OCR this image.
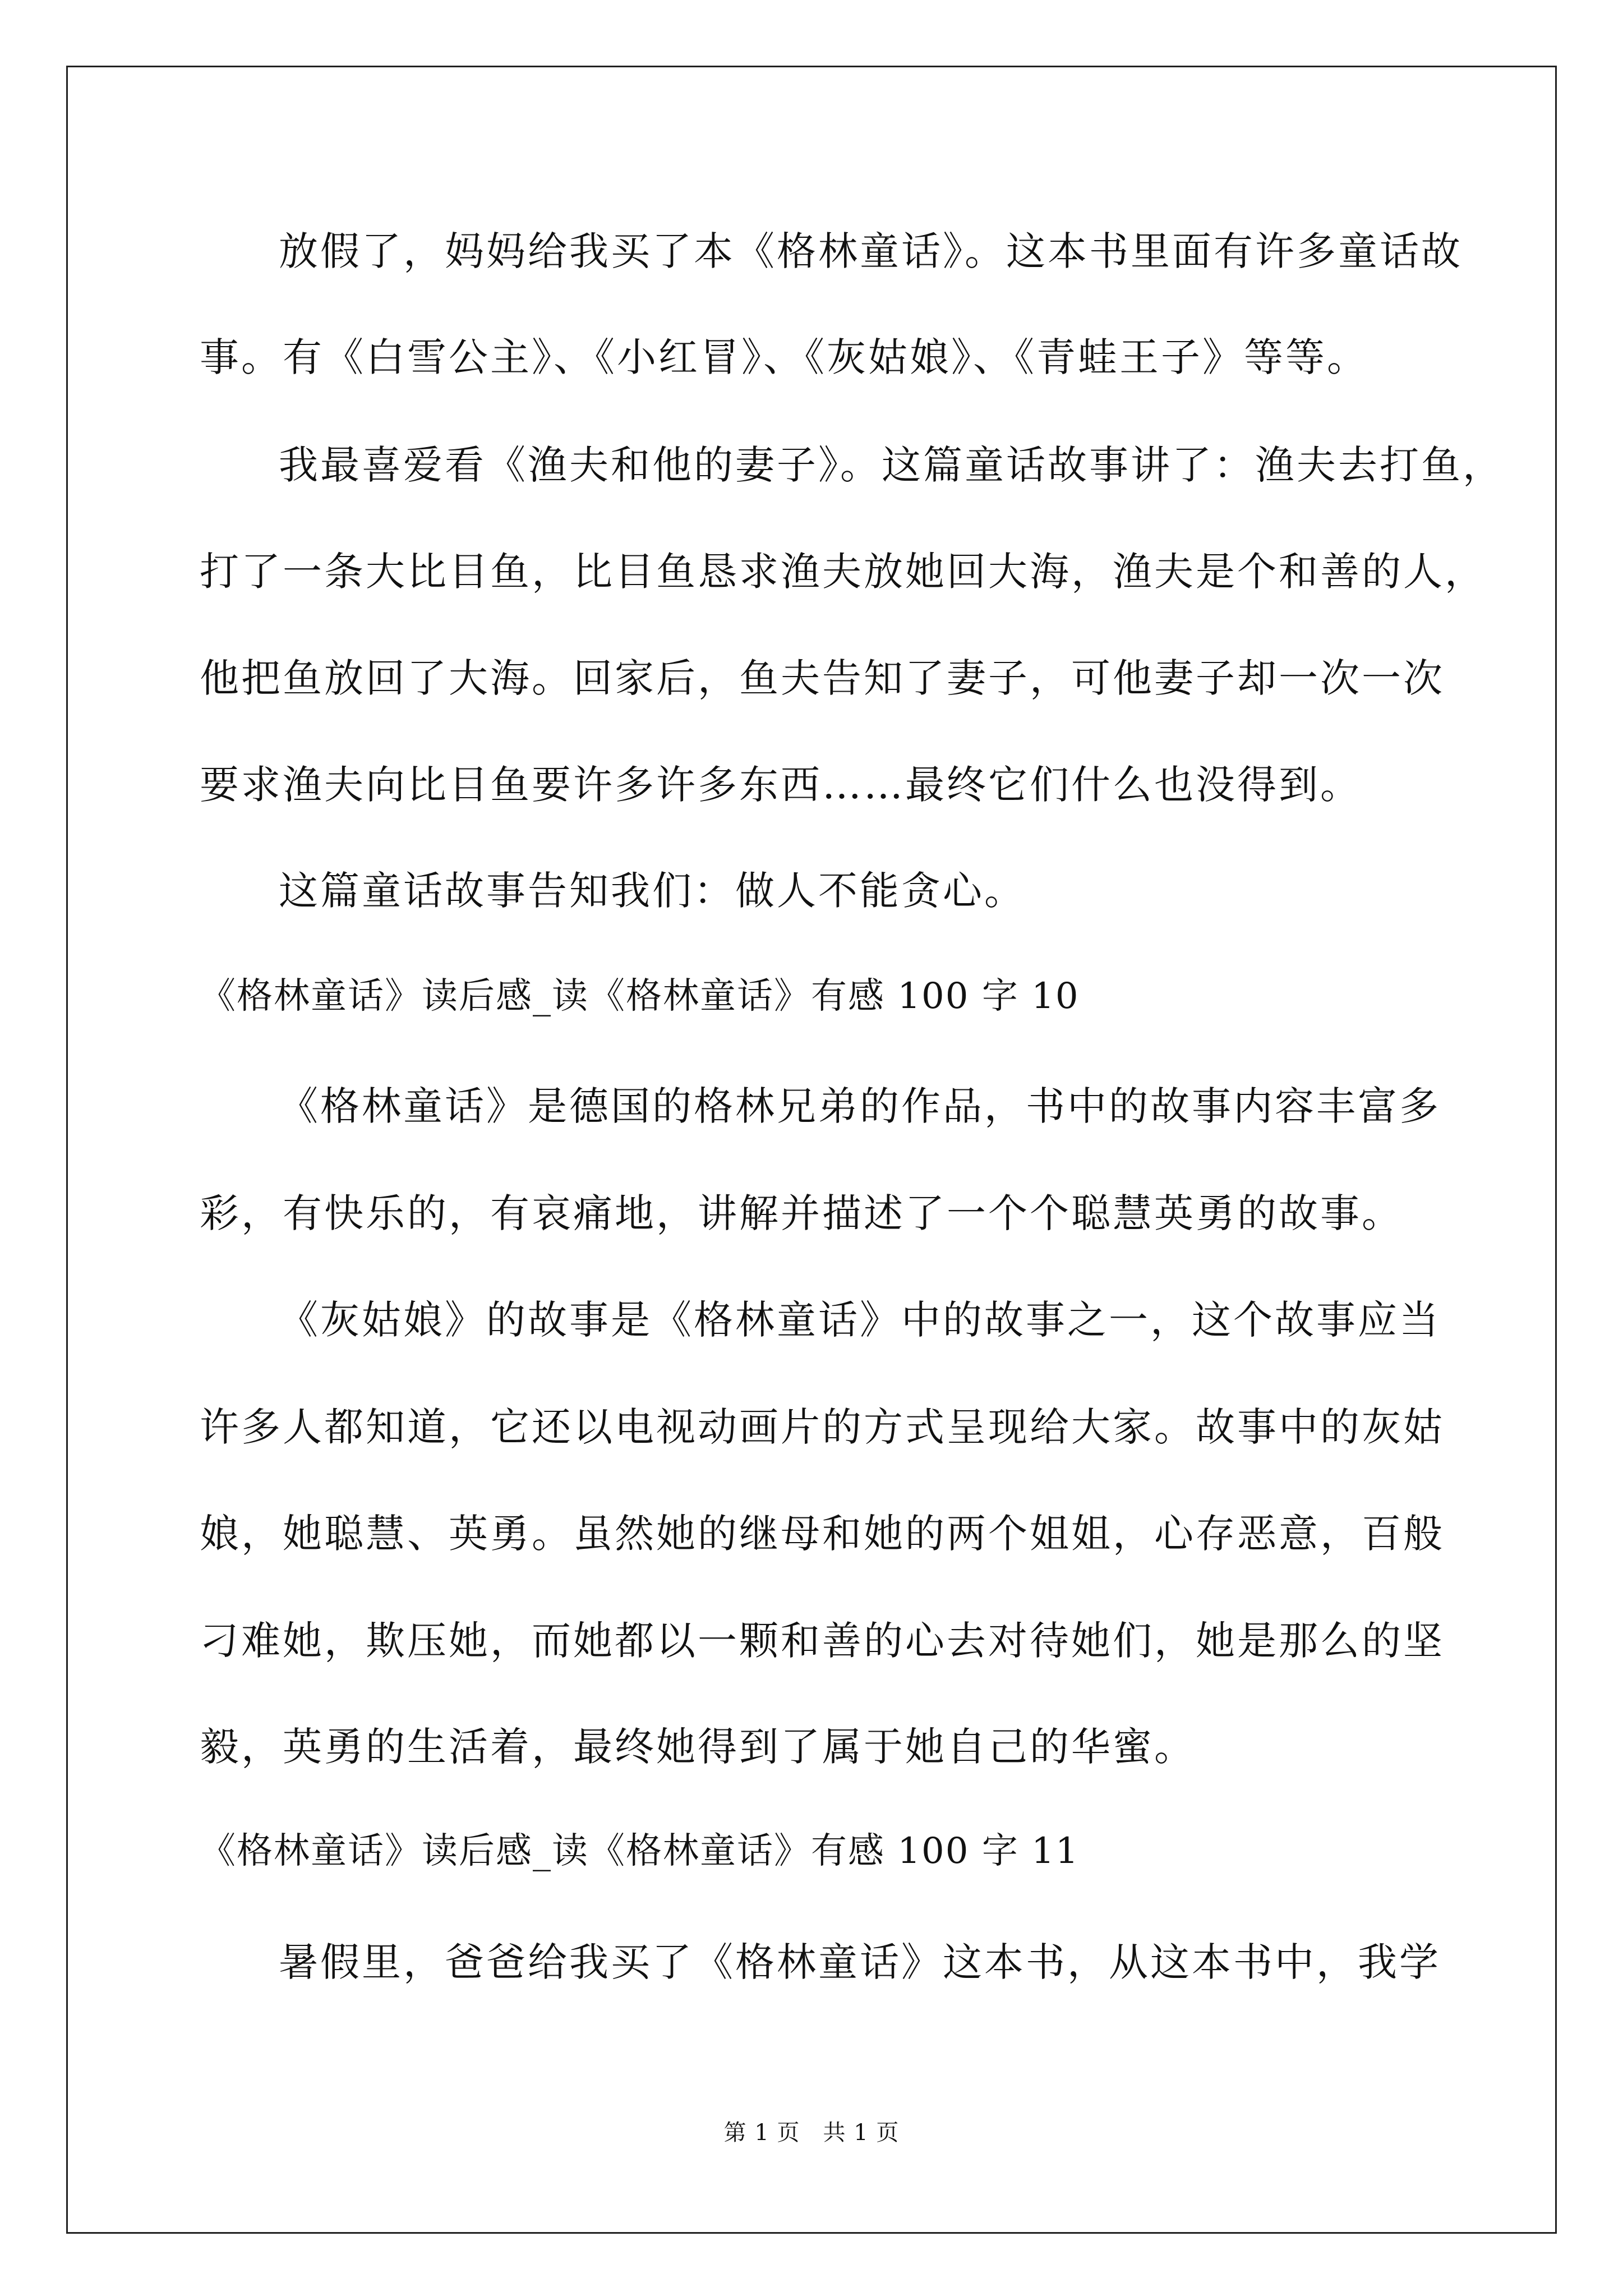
放假了，妈妈给我买了本《格林童话》。这本书里面有许多童话故

事。有《白雪公主》、《小红冒》、《灰姑娘》、《青蛙王子》等等。

我最喜爱看《渔夫和他的妻子》。这篇童话故事讲了：渔夫去打鱼，

打了一条大比目鱼，比目鱼恳求渔夫放她回大海，渔夫是个和善的人，

他把鱼放回了大海。回家后，鱼夫告知了妻子，可他妻子却一次一次

要求渔夫向比目鱼要许多许多东西……最终它们什么也没得到。

这篇童话故事告知我们：做人不能贪心。

《格林童话》读后感_读《格林童话》有感 100 字 10

《格林童话》是德国的格林兄弟的作品，书中的故事内容丰富多

彩，有快乐的，有哀痛地，讲解并描述了一个个聪慧英勇的故事。

《灰姑娘》的故事是《格林童话》中的故事之一，这个故事应当

许多人都知道，它还以电视动画片的方式呈现给大家。故事中的灰姑

娘，她聪慧、英勇。虽然她的继母和她的两个姐姐，心存恶意，百般

刁难她，欺压她，而她都以一颗和善的心去对待她们，她是那么的坚

毅，英勇的生活着，最终她得到了属于她自己的华蜜。

《格林童话》读后感_读《格林童话》有感 100 字 11

暑假里，爸爸给我买了《格林童话》这本书，从这本书中，我学

第 1 页　共 1 页
